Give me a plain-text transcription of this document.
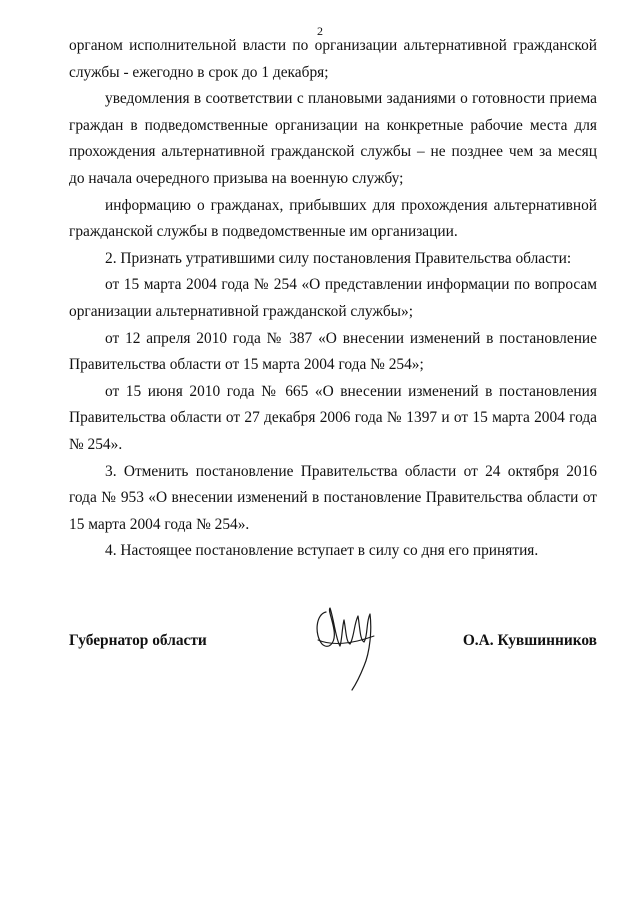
2

органом исполнительной власти по организации альтернативной гражданской службы - ежегодно в срок до 1 декабря;

уведомления в соответствии с плановыми заданиями о готовности приема граждан в подведомственные организации на конкретные рабочие места для прохождения альтернативной гражданской службы – не позднее чем за месяц до начала очередного призыва на военную службу;

информацию о гражданах, прибывших для прохождения альтернативной гражданской службы в подведомственные им организации.

2. Признать утратившими силу постановления Правительства области:

от 15 марта 2004 года № 254 «О представлении информации по вопросам организации альтернативной гражданской службы»;

от 12 апреля 2010 года № 387 «О внесении изменений в постановление Правительства области от 15 марта 2004 года № 254»;

от 15 июня 2010 года № 665 «О внесении изменений в постановления Правительства области от 27 декабря 2006 года № 1397 и от 15 марта 2004 года № 254».

3. Отменить постановление Правительства области от 24 октября 2016 года № 953 «О внесении изменений в постановление Правительства области от 15 марта 2004 года № 254».

4. Настоящее постановление вступает в силу со дня его принятия.

Губернатор области	О.А. Кувшинников
